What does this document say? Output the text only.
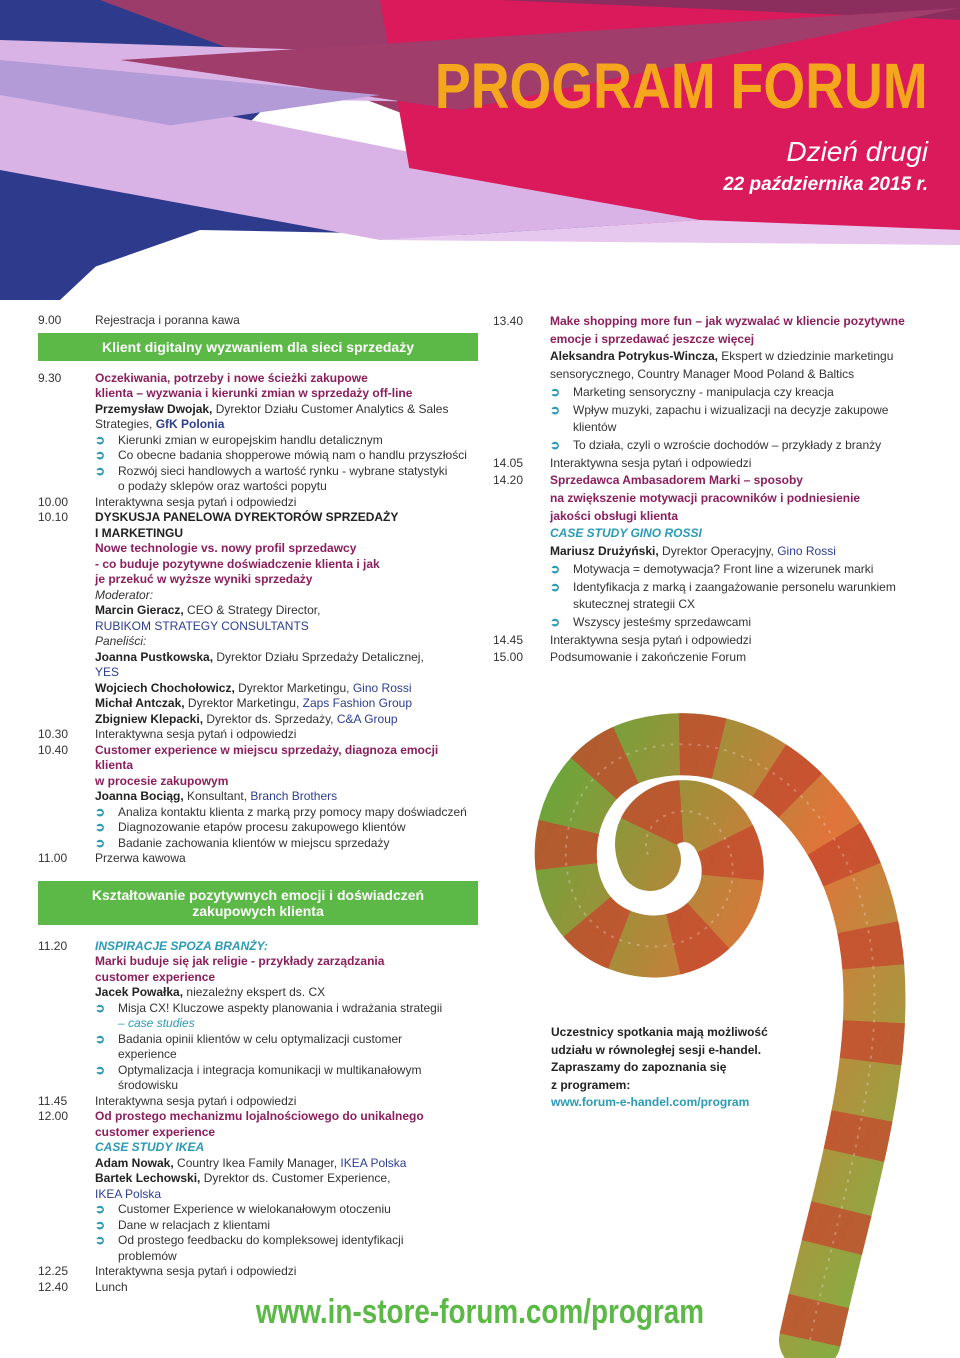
PROGRAM FORUM
Dzień drugi
22 października 2015 r.
9.00	Rejestracja i poranna kawa
Klient digitalny wyzwaniem dla sieci sprzedaży
9.30	Oczekiwania, potrzeby i nowe ścieżki zakupowe
klienta – wyzwania i kierunki zmian w sprzedaży off-line
Przemysław Dwojak, Dyrektor Działu Customer Analytics & Sales
Strategies, GfK Polonia
➲	Kierunki zmian w europejskim handlu detalicznym
➲	Co obecne badania shopperowe mówią nam o handlu przyszłości
➲	Rozwój sieci handlowych a wartość rynku - wybrane statystyki
o podaży sklepów oraz wartości popytu
10.00	Interaktywna sesja pytań i odpowiedzi
10.10	DYSKUSJA PANELOWA DYREKTORÓW SPRZEDAŻY
I MARKETINGU
Nowe technologie vs. nowy profil sprzedawcy
- co buduje pozytywne doświadczenie klienta i jak
je przekuć w wyższe wyniki sprzedaży
Moderator:
Marcin Gieracz, CEO & Strategy Director,
RUBIKOM STRATEGY CONSULTANTS
Paneliści:
Joanna Pustkowska, Dyrektor Działu Sprzedaży Detalicznej,
YES
Wojciech Chochołowicz, Dyrektor Marketingu, Gino Rossi
Michał Antczak, Dyrektor Marketingu, Zaps Fashion Group
Zbigniew Klepacki, Dyrektor ds. Sprzedaży, C&A Group
10.30	Interaktywna sesja pytań i odpowiedzi
10.40	Customer experience w miejscu sprzedaży, diagnoza emocji klienta
w procesie zakupowym
Joanna Bociąg, Konsultant, Branch Brothers
➲	Analiza kontaktu klienta z marką przy pomocy mapy doświadczeń
➲	Diagnozowanie etapów procesu zakupowego klientów
➲	Badanie zachowania klientów w miejscu sprzedaży
11.00	Przerwa kawowa
Kształtowanie pozytywnych emocji i doświadczeń
zakupowych klienta
11.20	INSPIRACJE SPOZA BRANŻY:
Marki buduje się jak religie - przykłady zarządzania
customer experience
Jacek Powałka, niezależny ekspert ds. CX
➲	Misja CX! Kluczowe aspekty planowania i wdrażania strategii
– case studies
➲	Badania opinii klientów w celu optymalizacji customer
experience
➲	Optymalizacja i integracja komunikacji w multikanałowym
środowisku
11.45	Interaktywna sesja pytań i odpowiedzi
12.00	Od prostego mechanizmu lojalnościowego do unikalnego
customer experience
CASE STUDY IKEA
Adam Nowak, Country Ikea Family Manager, IKEA Polska
Bartek Lechowski, Dyrektor ds. Customer Experience,
IKEA Polska
➲	Customer Experience w wielokanałowym otoczeniu
➲	Dane w relacjach z klientami
➲	Od prostego feedbacku do kompleksowej identyfikacji
problemów
12.25	Interaktywna sesja pytań i odpowiedzi
12.40	Lunch
13.40	Make shopping more fun – jak wyzwalać w kliencie pozytywne
emocje i sprzedawać jeszcze więcej
Aleksandra Potrykus-Wincza, Ekspert w dziedzinie marketingu
sensorycznego, Country Manager Mood Poland & Baltics
➲	Marketing sensoryczny - manipulacja czy kreacja
➲	Wpływ muzyki, zapachu i wizualizacji na decyzje zakupowe klientów
➲	To działa, czyli o wzroście dochodów – przykłady z branży
14.05	Interaktywna sesja pytań i odpowiedzi
14.20	Sprzedawca Ambasadorem Marki – sposoby
na zwiększenie motywacji pracowników i podniesienie
jakości obsługi klienta
CASE STUDY GINO ROSSI
Mariusz Drużyński, Dyrektor Operacyjny, Gino Rossi
➲	Motywacja = demotywacja? Front line a wizerunek marki
➲	Identyfikacja z marką i zaangażowanie personelu warunkiem
skutecznej strategii CX
➲	Wszyscy jesteśmy sprzedawcami
14.45	Interaktywna sesja pytań i odpowiedzi
15.00	Podsumowanie i zakończenie Forum
Uczestnicy spotkania mają możliwość
udziału w równoległej sesji e-handel.
Zapraszamy do zapoznania się
z programem:
www.forum-e-handel.com/program
www.in-store-forum.com/program
